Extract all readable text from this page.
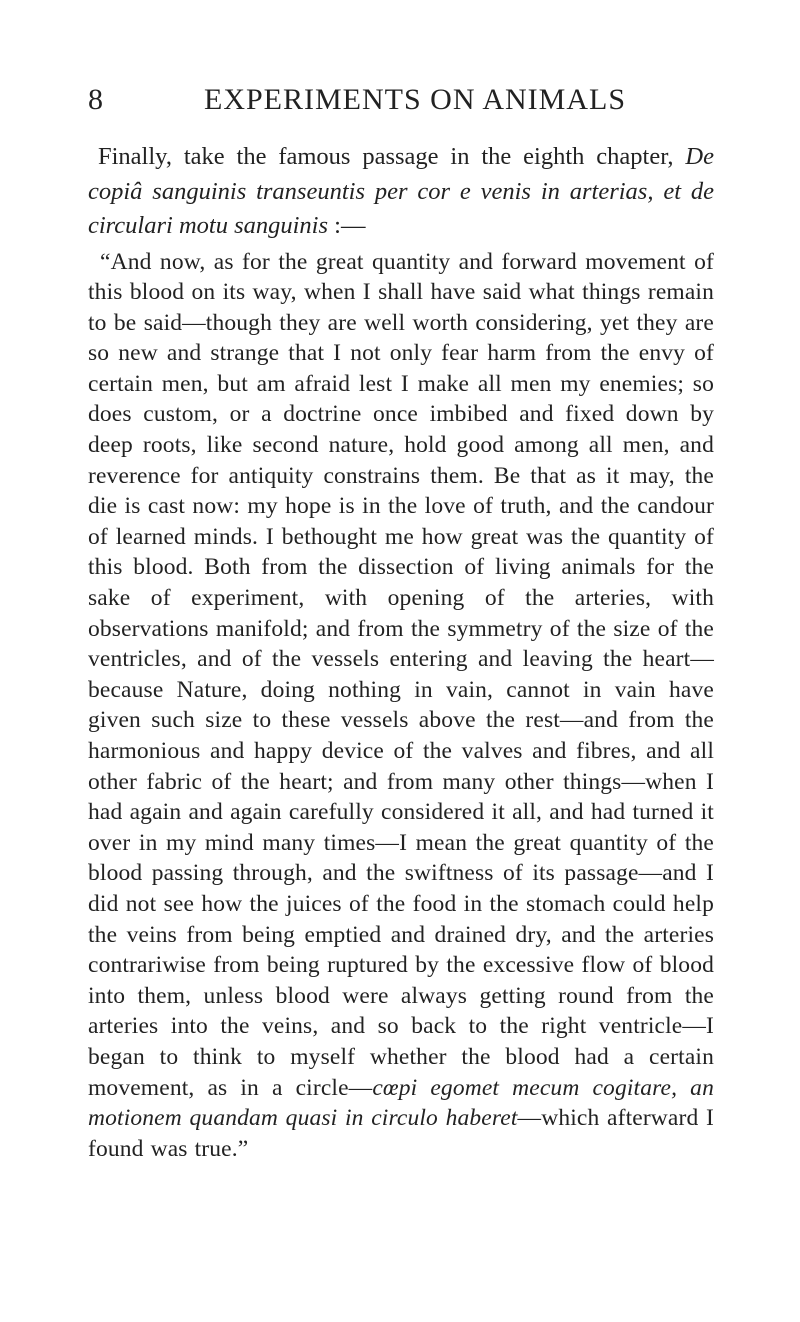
8	EXPERIMENTS ON ANIMALS

Finally, take the famous passage in the eighth chapter, De copiâ sanguinis transeuntis per cor e venis in arterias, et de circulari motu sanguinis :—

“And now, as for the great quantity and forward movement of this blood on its way, when I shall have said what things remain to be said—though they are well worth considering, yet they are so new and strange that I not only fear harm from the envy of certain men, but am afraid lest I make all men my enemies; so does custom, or a doctrine once imbibed and fixed down by deep roots, like second nature, hold good among all men, and reverence for antiquity constrains them. Be that as it may, the die is cast now: my hope is in the love of truth, and the candour of learned minds. I bethought me how great was the quantity of this blood. Both from the dissection of living animals for the sake of experiment, with opening of the arteries, with observations manifold; and from the symmetry of the size of the ventricles, and of the vessels entering and leaving the heart—because Nature, doing nothing in vain, cannot in vain have given such size to these vessels above the rest—and from the harmonious and happy device of the valves and fibres, and all other fabric of the heart; and from many other things—when I had again and again carefully considered it all, and had turned it over in my mind many times—I mean the great quantity of the blood passing through, and the swiftness of its passage—and I did not see how the juices of the food in the stomach could help the veins from being emptied and drained dry, and the arteries contrariwise from being ruptured by the excessive flow of blood into them, unless blood were always getting round from the arteries into the veins, and so back to the right ventricle—I began to think to myself whether the blood had a certain movement, as in a circle—cœpi egomet mecum cogitare, an motionem quandam quasi in circulo haberet—which afterward I found was true.”
